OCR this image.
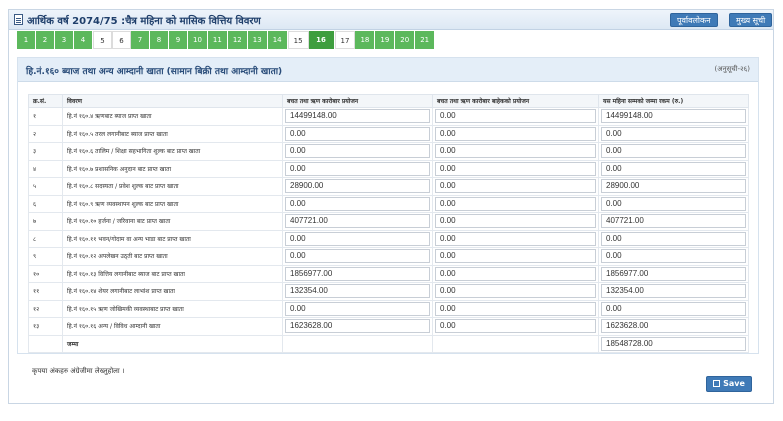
आर्थिक वर्ष 2074/75 :चैत्र महिना को मासिक वित्तिय विवरण	पूर्वावलोकन	मुख्य सूची
1	2	3	4	5	6	7	8	9	10	11	12	13	14	15	16	17	18	19	20	21
हि.नं.१६० ब्याज तथा अन्य आम्दानी खाता (सामान बिक्री तथा आम्दानी खाता)	(अनुसूची-२६)
क्र.सं.	विवरण	बचत तथा ऋण कारोबार प्रयोजन	बचत तथा ऋण कारोबार बाहेकको प्रयोजन	यस महिना सम्मको जम्मा रकम (रु.)
१	हि.नं १६०.४ ऋणबाट ब्याज प्राप्त खाता	14499148.00	0.00	14499148.00

२	हि.नं १६०.५ तरल लगानीबाट ब्याज प्राप्त खाता	0.00	0.00	0.00

३	हि.नं १६०.६ तालिम / शिक्षा सहभागिता शुल्क बाट प्राप्त खाता	0.00	0.00	0.00

४	हि.नं १६०.७ प्रशासनिक अनुदान बाट प्राप्त खाता	0.00	0.00	0.00

५	हि.नं १६०.८ सदस्यता / प्रवेश शुल्क बाट प्राप्त खाता	28900.00	0.00	28900.00

६	हि.नं १६०.९ ऋण व्यवस्थापन शुल्क बाट प्राप्त खाता	0.00	0.00	0.00

७	हि.नं १६०.१० हर्जना / जरिवाना बाट प्राप्त खाता	407721.00	0.00	407721.00

८	हि.नं १६०.११ भवन/गोदाम वा अन्य भाडा बाट प्राप्त खाता	0.00	0.00	0.00

९	हि.नं १६०.१२ अपलेखन उठ्ती बाट प्राप्त खाता	0.00	0.00	0.00

१०	हि.नं १६०.१३ वित्तिय लगानीबाट ब्याज बाट प्राप्त खाता	1856977.00	0.00	1856977.00

११	हि.नं १६०.१४ शेयर लगानीबाट लाभांश प्राप्त खाता	132354.00	0.00	132354.00

१२	हि.नं १६०.१५ ऋण जोखिमकी व्यवस्थाबाट प्राप्त खाता	0.00	0.00	0.00

१३	हि.नं १६०.१६ अन्य / विविध आम्दानी खाता	1623628.00	0.00	1623628.00

	जम्मा			18548728.00
कृपया अंकहरु अंग्रेजीमा लेख्नुहोला ।
Save
